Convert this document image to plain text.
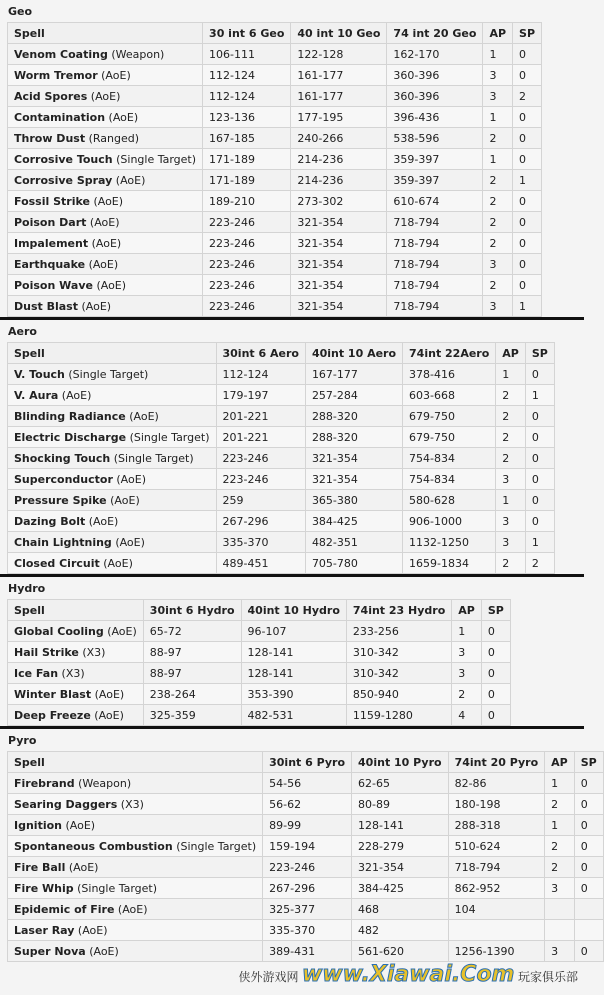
Geo
Spell	30 int 6 Geo	40 int 10 Geo	74 int 20 Geo	AP	SP
Venom Coating (Weapon)	106-111	122-128	162-170	1	0
Worm Tremor (AoE)	112-124	161-177	360-396	3	0
Acid Spores (AoE)	112-124	161-177	360-396	3	2
Contamination (AoE)	123-136	177-195	396-436	1	0
Throw Dust (Ranged)	167-185	240-266	538-596	2	0
Corrosive Touch (Single Target)	171-189	214-236	359-397	1	0
Corrosive Spray (AoE)	171-189	214-236	359-397	2	1
Fossil Strike (AoE)	189-210	273-302	610-674	2	0
Poison Dart (AoE)	223-246	321-354	718-794	2	0
Impalement (AoE)	223-246	321-354	718-794	2	0
Earthquake (AoE)	223-246	321-354	718-794	3	0
Poison Wave (AoE)	223-246	321-354	718-794	2	0
Dust Blast (AoE)	223-246	321-354	718-794	3	1
Aero
Spell	30int 6 Aero	40int 10 Aero	74int 22Aero	AP	SP
V. Touch (Single Target)	112-124	167-177	378-416	1	0
V. Aura (AoE)	179-197	257-284	603-668	2	1
Blinding Radiance (AoE)	201-221	288-320	679-750	2	0
Electric Discharge (Single Target)	201-221	288-320	679-750	2	0
Shocking Touch (Single Target)	223-246	321-354	754-834	2	0
Superconductor (AoE)	223-246	321-354	754-834	3	0
Pressure Spike (AoE)	259	365-380	580-628	1	0
Dazing Bolt (AoE)	267-296	384-425	906-1000	3	0
Chain Lightning (AoE)	335-370	482-351	1132-1250	3	1
Closed Circuit (AoE)	489-451	705-780	1659-1834	2	2
Hydro
Spell	30int 6 Hydro	40int 10 Hydro	74int 23 Hydro	AP	SP
Global Cooling (AoE)	65-72	96-107	233-256	1	0
Hail Strike (X3)	88-97	128-141	310-342	3	0
Ice Fan (X3)	88-97	128-141	310-342	3	0
Winter Blast (AoE)	238-264	353-390	850-940	2	0
Deep Freeze (AoE)	325-359	482-531	1159-1280	4	0
Pyro
Spell	30int 6 Pyro	40int 10 Pyro	74int 20 Pyro	AP	SP
Firebrand (Weapon)	54-56	62-65	82-86	1	0
Searing Daggers (X3)	56-62	80-89	180-198	2	0
Ignition (AoE)	89-99	128-141	288-318	1	0
Spontaneous Combustion (Single Target)	159-194	228-279	510-624	2	0
Fire Ball (AoE)	223-246	321-354	718-794	2	0
Fire Whip (Single Target)	267-296	384-425	862-952	3	0
Epidemic of Fire (AoE)	325-377	468	104		
Laser Ray (AoE)	335-370	482			
Super Nova (AoE)	389-431	561-620	1256-1390	3	0
侠外游戏网 www.Xiawai.Com 玩家俱乐部
